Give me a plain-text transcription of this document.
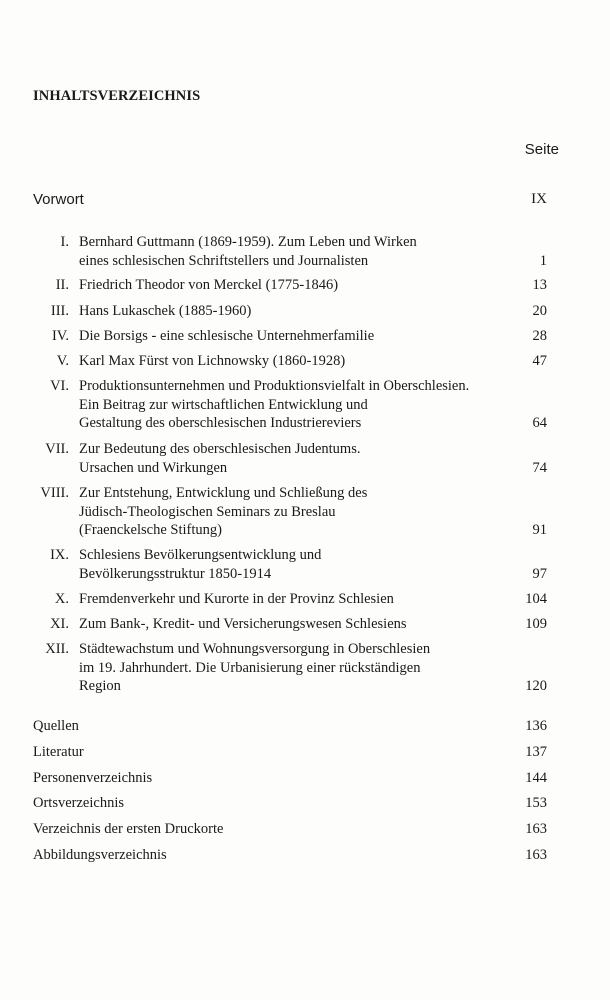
INHALTSVERZEICHNIS
Seite
Vorwort	IX
I. Bernhard Guttmann (1869-1959). Zum Leben und Wirken
eines schlesischen Schriftstellers und Journalisten	1
II. Friedrich Theodor von Merckel (1775-1846)	13
III. Hans Lukaschek (1885-1960)	20
IV. Die Borsigs - eine schlesische Unternehmerfamilie	28
V. Karl Max Fürst von Lichnowsky (1860-1928)	47
VI. Produktionsunternehmen und Produktionsvielfalt in Oberschlesien.
Ein Beitrag zur wirtschaftlichen Entwicklung und
Gestaltung des oberschlesischen Industriereviers	64
VII. Zur Bedeutung des oberschlesischen Judentums.
Ursachen und Wirkungen	74
VIII. Zur Entstehung, Entwicklung und Schließung des
Jüdisch-Theologischen Seminars zu Breslau
(Fraenckelsche Stiftung)	91
IX. Schlesiens Bevölkerungsentwicklung und
Bevölkerungsstruktur 1850-1914	97
X. Fremdenverkehr und Kurorte in der Provinz Schlesien	104
XI. Zum Bank-, Kredit- und Versicherungswesen Schlesiens	109
XII. Städtewachstum und Wohnungsversorgung in Oberschlesien
im 19. Jahrhundert. Die Urbanisierung einer rückständigen
Region	120
Quellen	136
Literatur	137
Personenverzeichnis	144
Ortsverzeichnis	153
Verzeichnis der ersten Druckorte	163
Abbildungsverzeichnis	163
